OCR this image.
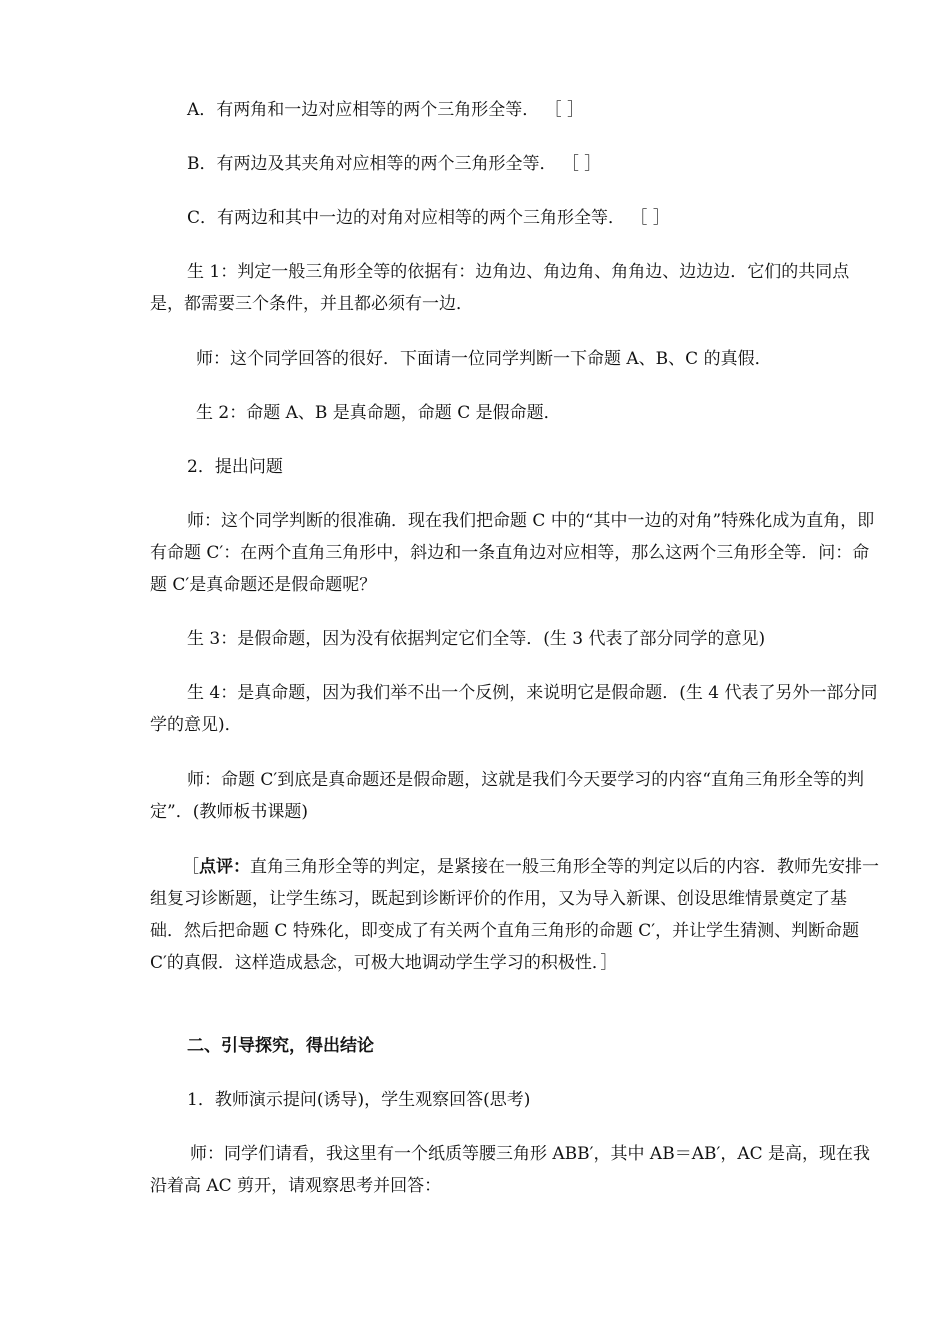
A．有两角和一边对应相等的两个三角形全等． ［ ］

B．有两边及其夹角对应相等的两个三角形全等． ［ ］

C．有两边和其中一边的对角对应相等的两个三角形全等． ［ ］

生 1：判定一般三角形全等的依据有：边角边、角边角、角角边、边边边．它们的共同点是，都需要三个条件，并且都必须有一边．

师：这个同学回答的很好．下面请一位同学判断一下命题 A、B、C 的真假．

生 2：命题 A、B 是真命题，命题 C 是假命题．

2．提出问题

师：这个同学判断的很准确．现在我们把命题 C 中的“其中一边的对角”特殊化成为直角，即有命题 C′：在两个直角三角形中，斜边和一条直角边对应相等，那么这两个三角形全等．问：命题 C′是真命题还是假命题呢？

生 3：是假命题，因为没有依据判定它们全等．(生 3 代表了部分同学的意见)

生 4：是真命题，因为我们举不出一个反例，来说明它是假命题．(生 4 代表了另外一部分同学的意见)．

师：命题 C′到底是真命题还是假命题，这就是我们今天要学习的内容“直角三角形全等的判定”．(教师板书课题)

［点评：直角三角形全等的判定，是紧接在一般三角形全等的判定以后的内容．教师先安排一组复习诊断题，让学生练习，既起到诊断评价的作用，又为导入新课、创设思维情景奠定了基础．然后把命题 C 特殊化，即变成了有关两个直角三角形的命题 C′，并让学生猜测、判断命题 C′的真假．这样造成悬念，可极大地调动学生学习的积极性．］

二、引导探究，得出结论

1．教师演示提问(诱导)，学生观察回答(思考)

师：同学们请看，我这里有一个纸质等腰三角形 ABB′，其中 AB＝AB′，AC 是高，现在我沿着高 AC 剪开，请观察思考并回答：
